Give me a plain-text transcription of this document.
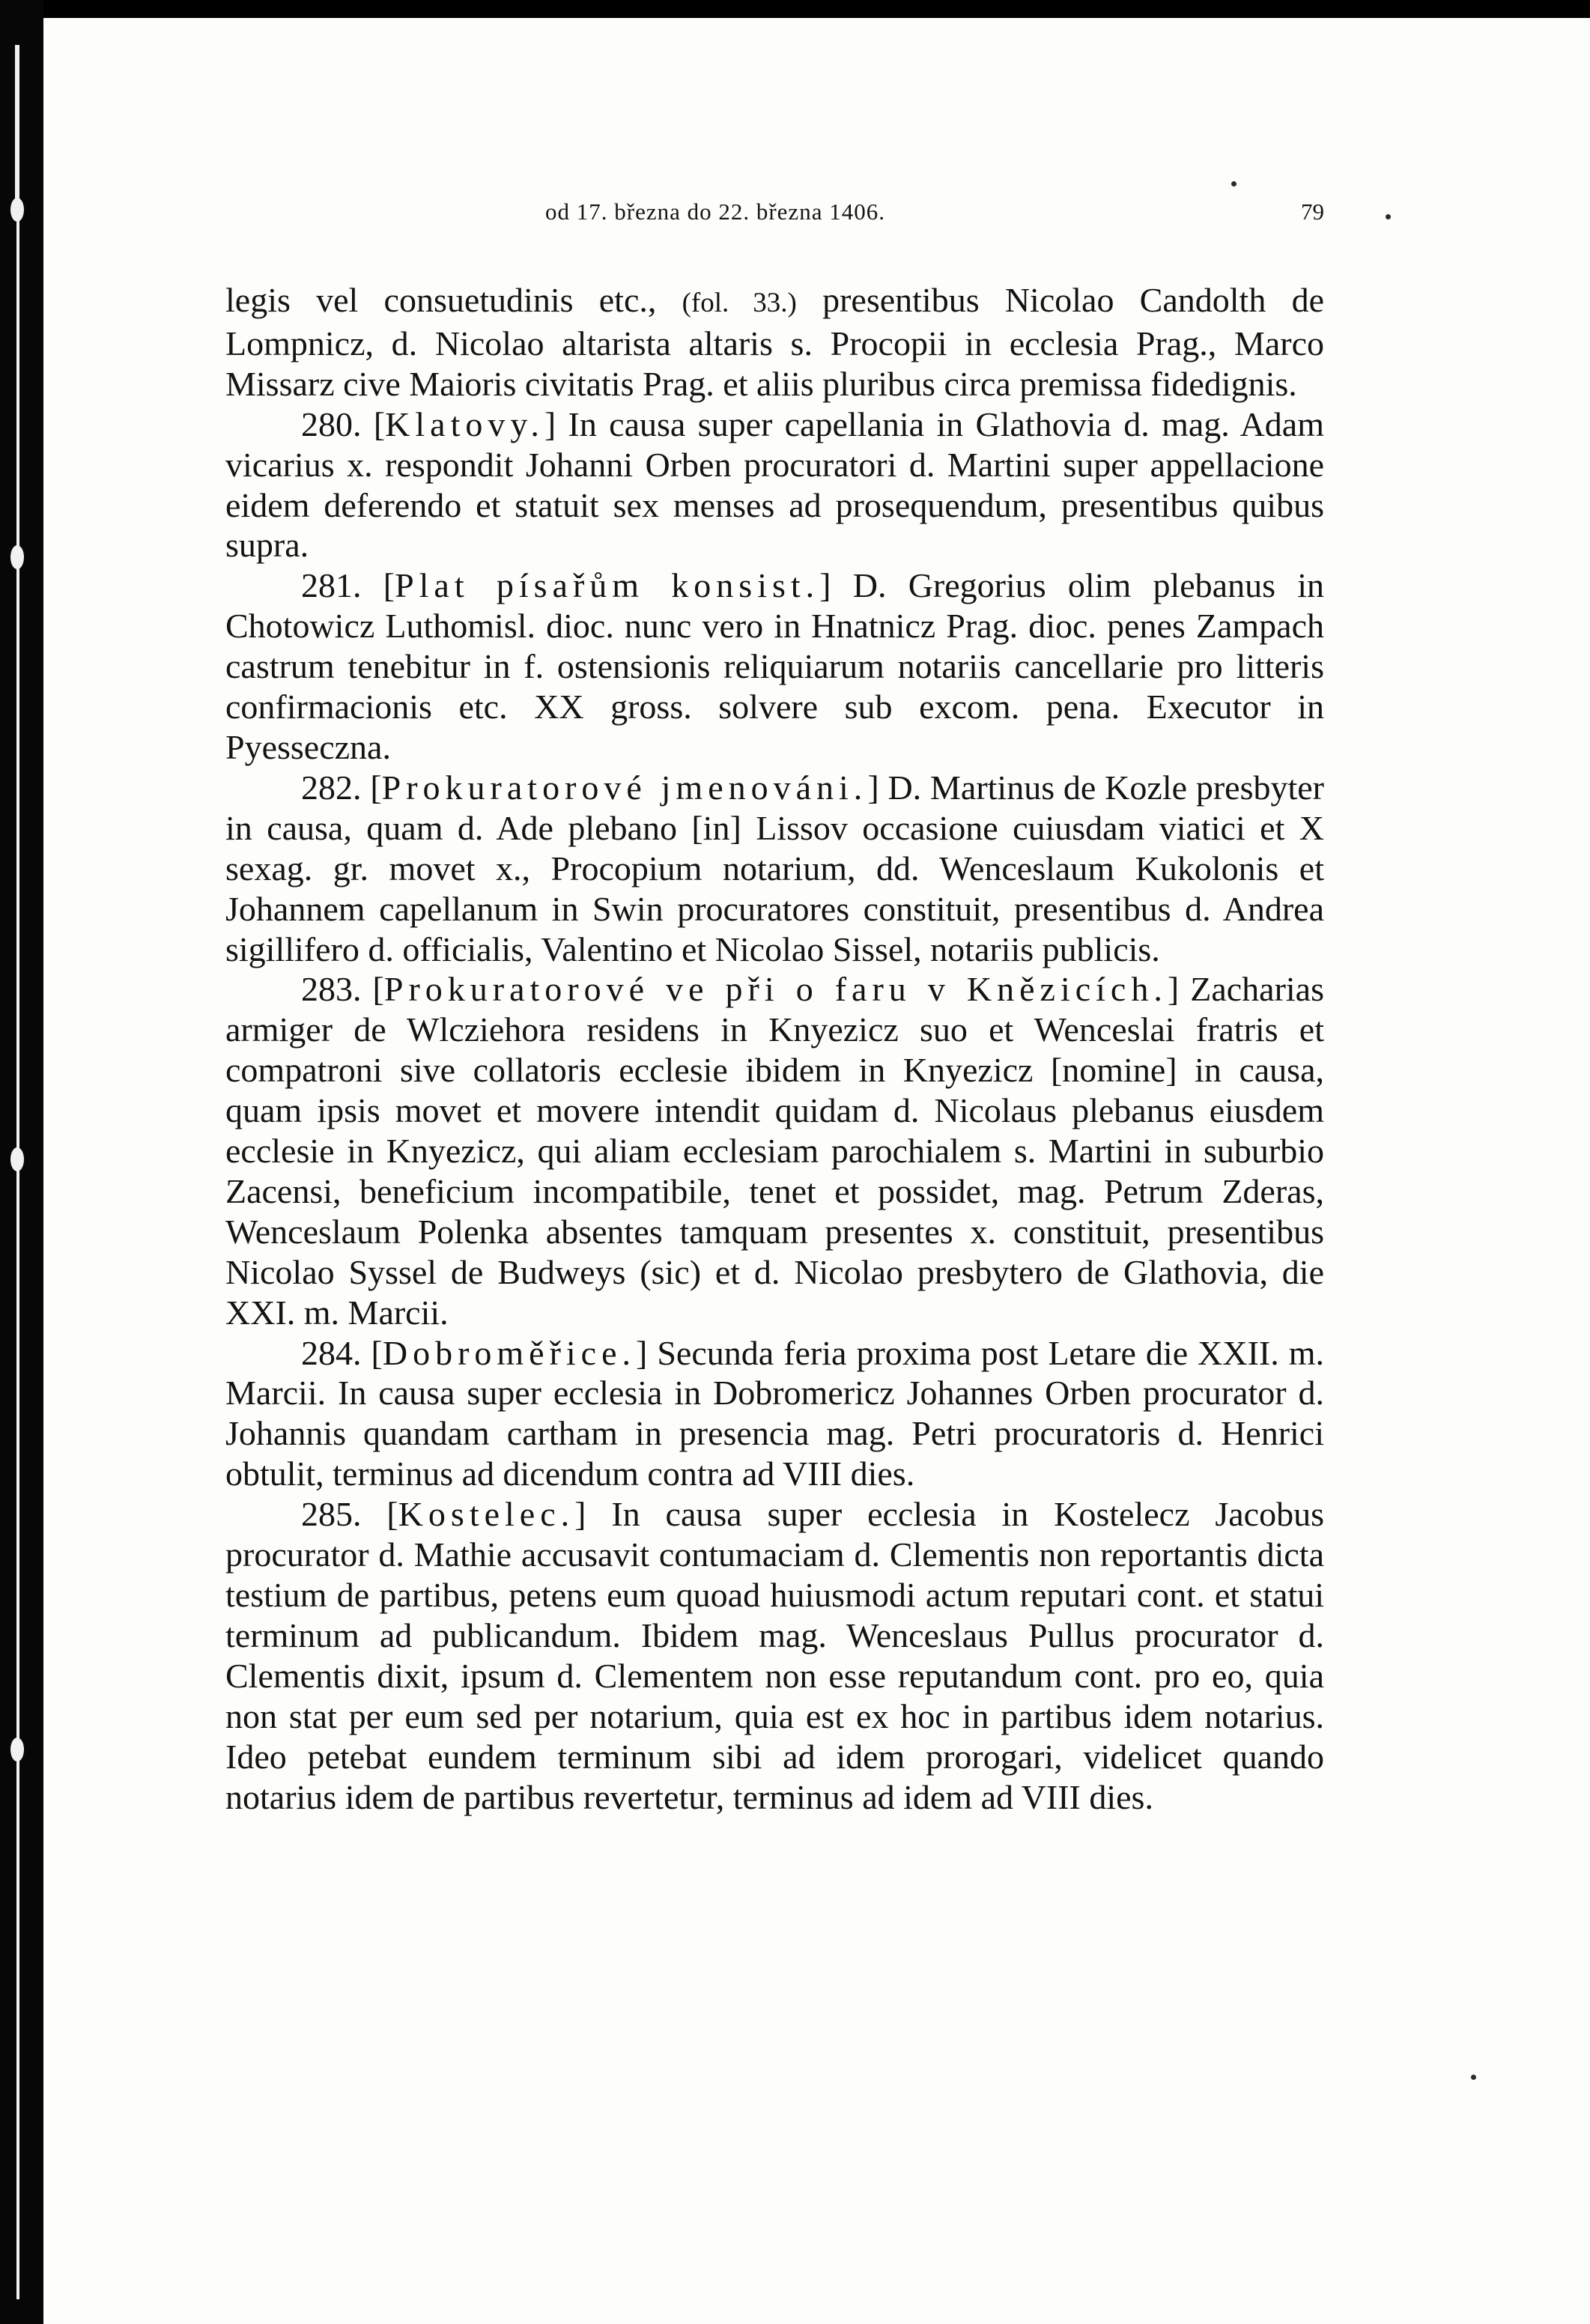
od 17. března do 22. března 1406.	79

legis vel consuetudinis etc., (fol. 33.) presentibus Nicolao Candolth de Lompnicz, d. Nicolao altarista altaris s. Procopii in ecclesia Prag., Marco Missarz cive Maioris civitatis Prag. et aliis pluribus circa premissa fidedignis.

280. [Klatovy.] In causa super capellania in Glathovia d. mag. Adam vicarius x. respondit Johanni Orben procuratori d. Martini super appellacione eidem deferendo et statuit sex menses ad prosequendum, presentibus quibus supra.

281. [Plat písařům konsist.] D. Gregorius olim plebanus in Chotowicz Luthomisl. dioc. nunc vero in Hnatnicz Prag. dioc. penes Zampach castrum tenebitur in f. ostensionis reliquiarum notariis cancellarie pro litteris confirmacionis etc. XX gross. solvere sub excom. pena. Executor in Pyesseczna.

282. [Prokuratorové jmenováni.] D. Martinus de Kozle presbyter in causa, quam d. Ade plebano [in] Lissov occasione cuiusdam viatici et X sexag. gr. movet x., Procopium notarium, dd. Wenceslaum Kukolonis et Johannem capellanum in Swin procuratores constituit, presentibus d. Andrea sigillifero d. officialis, Valentino et Nicolao Sissel, notariis publicis.

283. [Prokuratorové ve při o faru v Knězicích.] Zacharias armiger de Wlcziehora residens in Knyezicz suo et Wenceslai fratris et compatroni sive collatoris ecclesie ibidem in Knyezicz [nomine] in causa, quam ipsis movet et movere intendit quidam d. Nicolaus plebanus eiusdem ecclesie in Knyezicz, qui aliam ecclesiam parochialem s. Martini in suburbio Zacensi, beneficium incompatibile, tenet et possidet, mag. Petrum Zderas, Wenceslaum Polenka absentes tamquam presentes x. constituit, presentibus Nicolao Syssel de Budweys (sic) et d. Nicolao presbytero de Glathovia, die XXI. m. Marcii.

284. [Dobroměřice.] Secunda feria proxima post Letare die XXII. m. Marcii. In causa super ecclesia in Dobromericz Johannes Orben procurator d. Johannis quandam cartham in presencia mag. Petri procuratoris d. Henrici obtulit, terminus ad dicendum contra ad VIII dies.

285. [Kostelec.] In causa super ecclesia in Kostelecz Jacobus procurator d. Mathie accusavit contumaciam d. Clementis non reportantis dicta testium de partibus, petens eum quoad huiusmodi actum reputari cont. et statui terminum ad publicandum. Ibidem mag. Wenceslaus Pullus procurator d. Clementis dixit, ipsum d. Clementem non esse reputandum cont. pro eo, quia non stat per eum sed per notarium, quia est ex hoc in partibus idem notarius. Ideo petebat eundem terminum sibi ad idem prorogari, videlicet quando notarius idem de partibus revertetur, terminus ad idem ad VIII dies.
